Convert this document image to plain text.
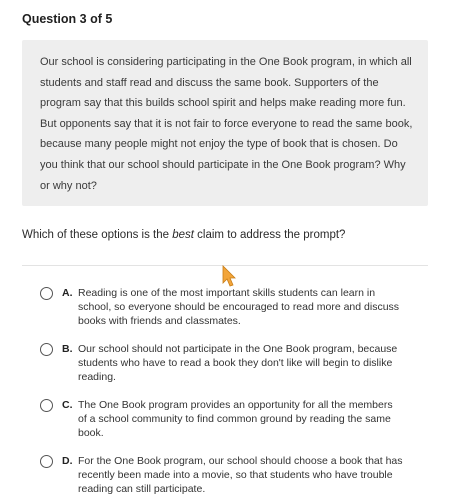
Question 3 of 5

Our school is considering participating in the One Book program, in which all students and staff read and discuss the same book. Supporters of the program say that this builds school spirit and helps make reading more fun. But opponents say that it is not fair to force everyone to read the same book, because many people might not enjoy the type of book that is chosen. Do you think that our school should participate in the One Book program? Why or why not?

Which of these options is the best claim to address the prompt?
A. Reading is one of the most important skills students can learn in school, so everyone should be encouraged to read more and discuss books with friends and classmates.
B. Our school should not participate in the One Book program, because students who have to read a book they don't like will begin to dislike reading.
C. The One Book program provides an opportunity for all the members of a school community to find common ground by reading the same book.
D. For the One Book program, our school should choose a book that has recently been made into a movie, so that students who have trouble reading can still participate.
